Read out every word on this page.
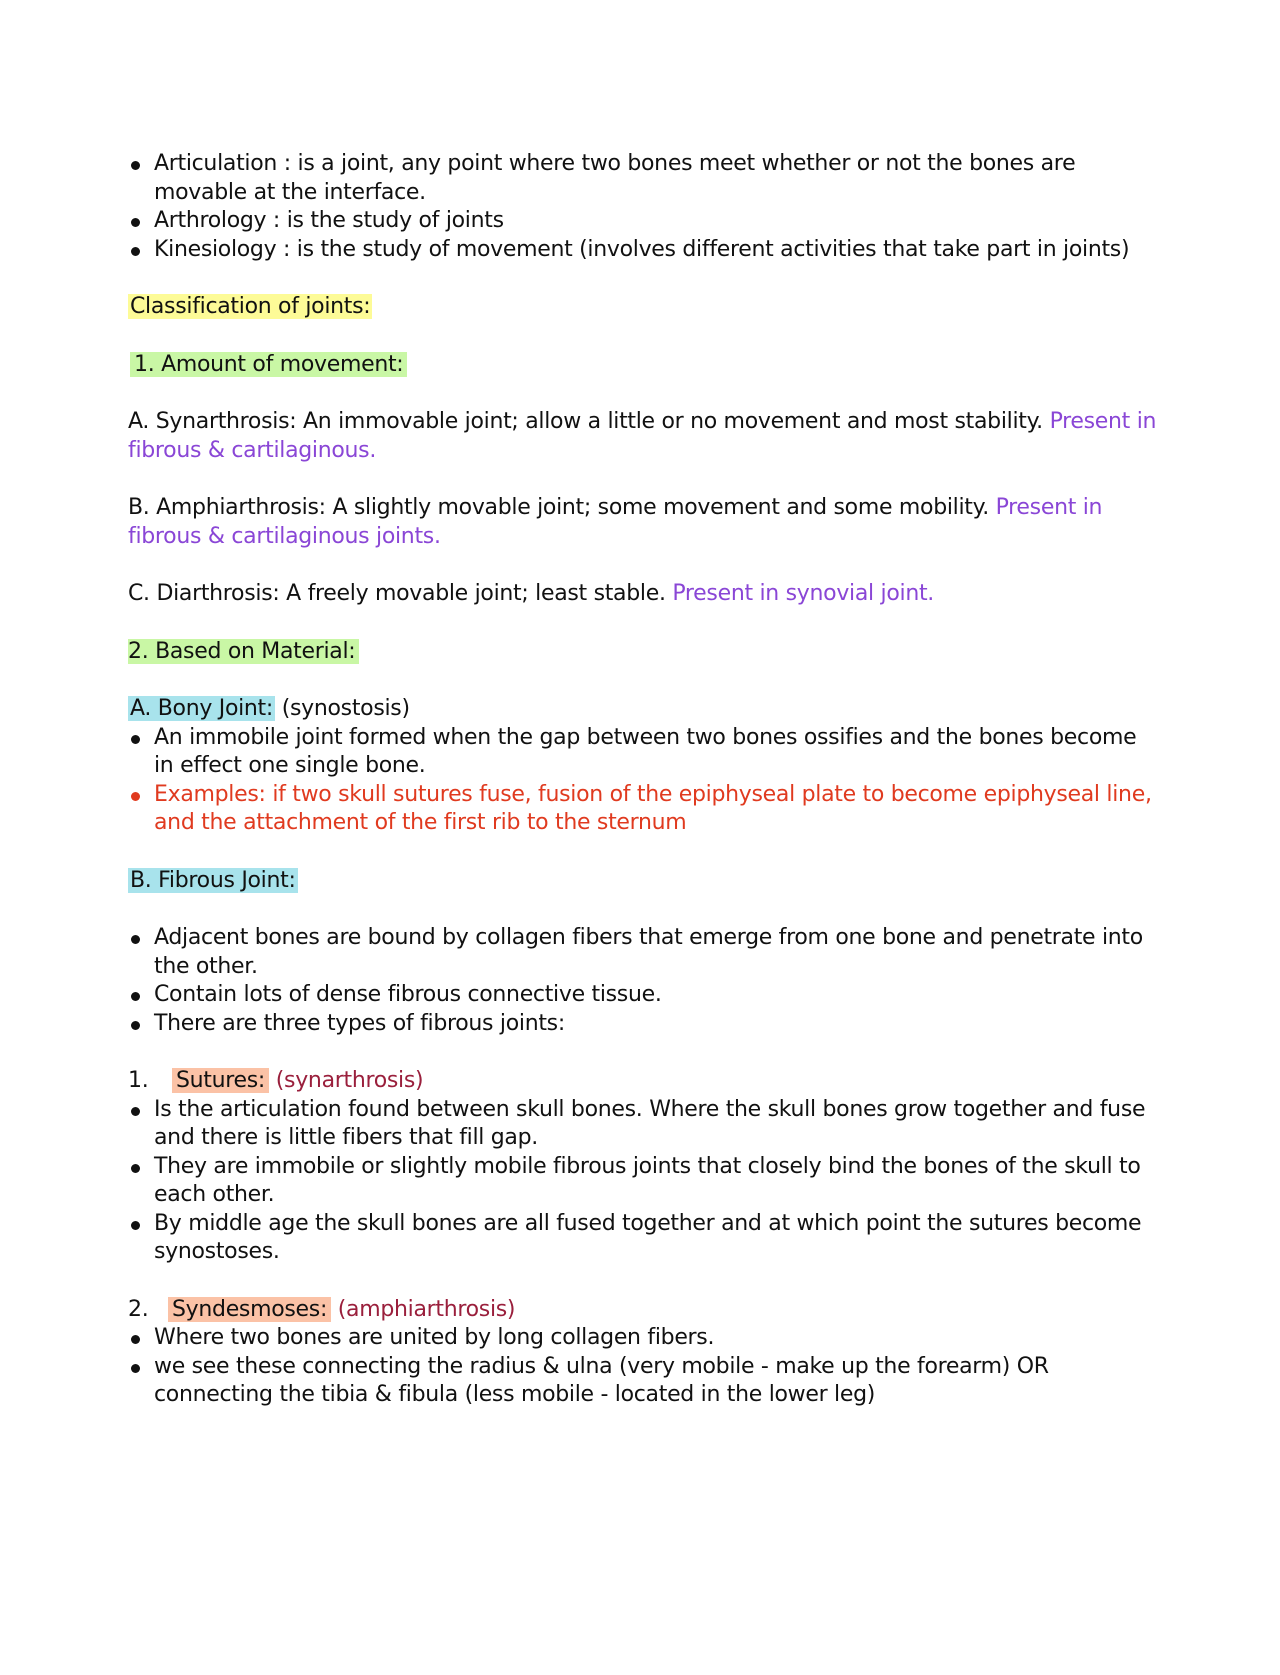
Articulation : is a joint, any point where two bones meet whether or not the bones are movable at the interface.
Arthrology : is the study of joints
Kinesiology : is the study of movement (involves different activities that take part in joints)

Classification of joints:

1. Amount of movement:

A. Synarthrosis: An immovable joint; allow a little or no movement and most stability. Present in fibrous & cartilaginous.

B. Amphiarthrosis: A slightly movable joint; some movement and some mobility. Present in fibrous & cartilaginous joints.

C. Diarthrosis: A freely movable joint; least stable. Present in synovial joint.

2. Based on Material:

A. Bony Joint: (synostosis)

An immobile joint formed when the gap between two bones ossifies and the bones become in effect one single bone.
Examples: if two skull sutures fuse, fusion of the epiphyseal plate to become epiphyseal line, and the attachment of the first rib to the sternum

B. Fibrous Joint:

Adjacent bones are bound by collagen fibers that emerge from one bone and penetrate into the other.
Contain lots of dense fibrous connective tissue.
There are three types of fibrous joints:

1. Sutures: (synarthrosis)

Is the articulation found between skull bones. Where the skull bones grow together and fuse and there is little fibers that fill gap.
They are immobile or slightly mobile fibrous joints that closely bind the bones of the skull to each other.
By middle age the skull bones are all fused together and at which point the sutures become synostoses.

2. Syndesmoses: (amphiarthrosis)

Where two bones are united by long collagen fibers.
we see these connecting the radius & ulna (very mobile - make up the forearm) OR connecting the tibia & fibula (less mobile - located in the lower leg)
